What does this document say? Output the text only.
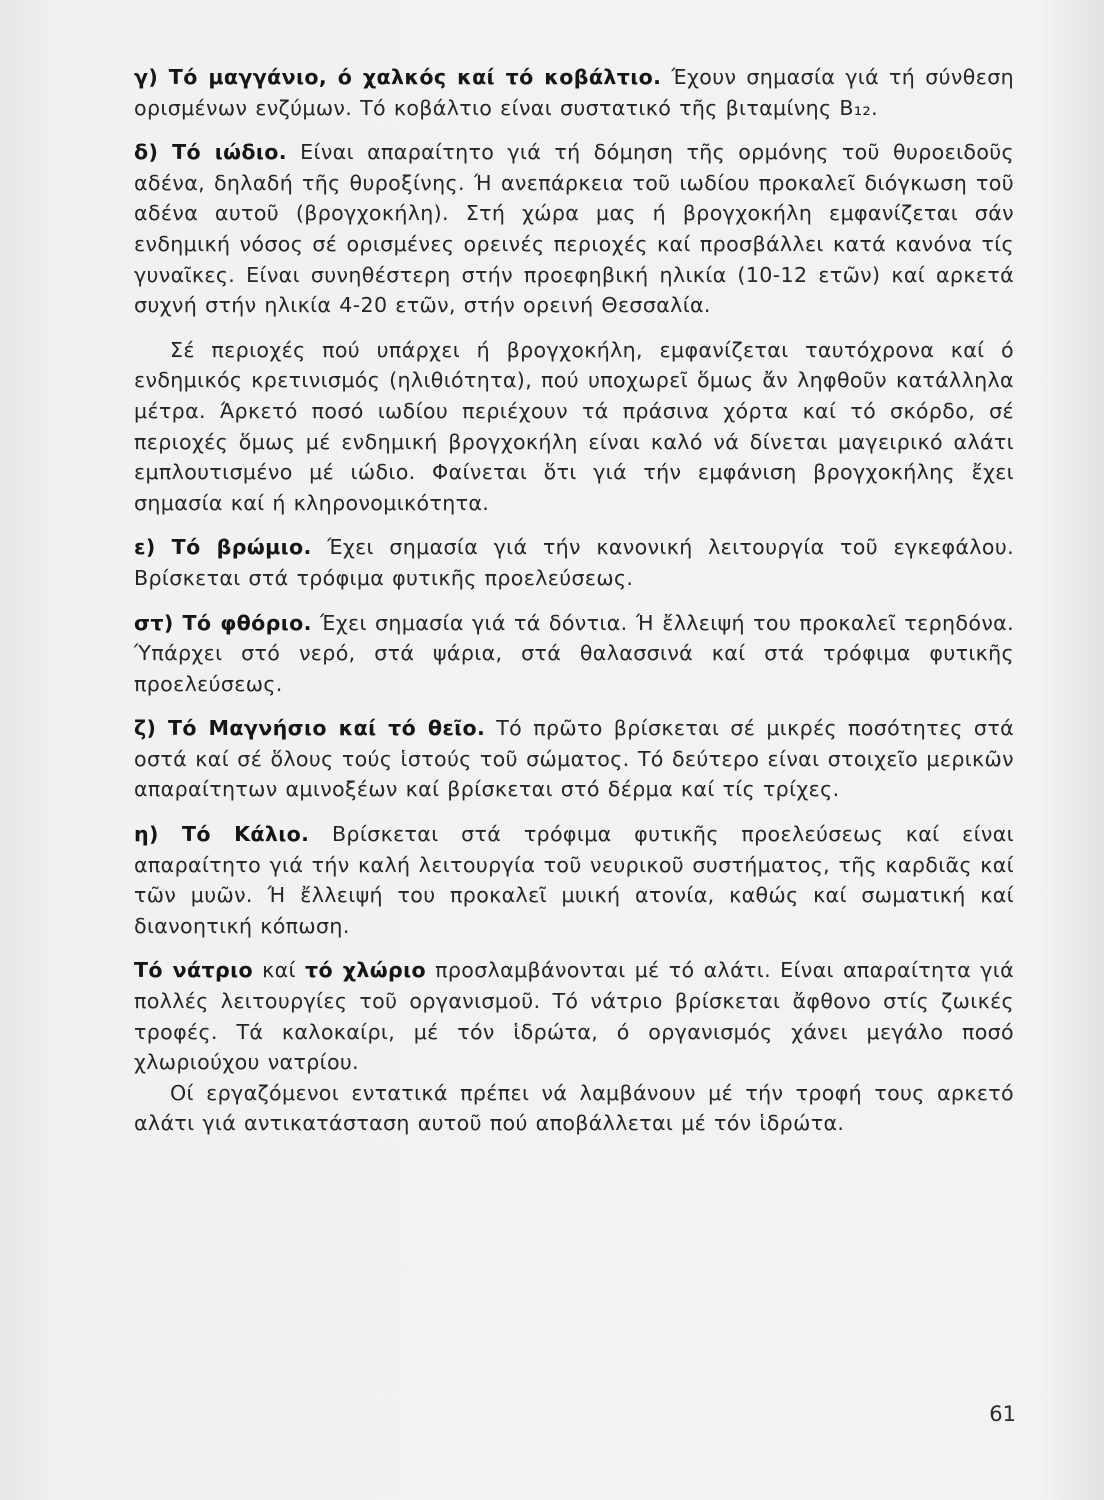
γ) Τό μαγγάνιο, ό χαλκός καί τό κοβάλτιο. Έχουν σημασία γιά τή σύνθεση ορισμένων ενζύμων. Τό κοβάλτιο είναι συστατικό τῆς βιταμίνης B₁₂.

δ) Τό ιώδιο. Είναι απαραίτητο γιά τή δόμηση τῆς ορμόνης τοῦ θυροειδοῦς αδένα, δηλαδή τῆς θυροξίνης. Ή ανεπάρκεια τοῦ ιωδίου προκαλεῖ διόγκωση τοῦ αδένα αυτοῦ (βρογχοκήλη). Στή χώρα μας ή βρογχοκήλη εμφανίζεται σάν ενδημική νόσος σέ ορισμένες ορεινές περιοχές καί προσβάλλει κατά κανόνα τίς γυναῖκες. Είναι συνηθέστερη στήν προεφηβική ηλικία (10-12 ετῶν) καί αρκετά συχνή στήν ηλικία 4-20 ετῶν, στήν ορεινή Θεσσαλία.

Σέ περιοχές πού υπάρχει ή βρογχοκήλη, εμφανίζεται ταυτόχρονα καί ό ενδημικός κρετινισμός (ηλιθιότητα), πού υποχωρεῖ ὅμως ἄν ληφθοῦν κατάλληλα μέτρα. Άρκετό ποσό ιωδίου περιέχουν τά πράσινα χόρτα καί τό σκόρδο, σέ περιοχές ὅμως μέ ενδημική βρογχοκήλη είναι καλό νά δίνεται μαγειρικό αλάτι εμπλουτισμένο μέ ιώδιο. Φαίνεται ὅτι γιά τήν εμφάνιση βρογχοκήλης ἔχει σημασία καί ή κληρονομικότητα.

ε) Τό βρώμιο. Έχει σημασία γιά τήν κανονική λειτουργία τοῦ εγκεφάλου. Βρίσκεται στά τρόφιμα φυτικῆς προελεύσεως.

στ) Τό φθόριο. Έχει σημασία γιά τά δόντια. Ή ἔλλειψή του προκαλεῖ τερηδόνα. Ύπάρχει στό νερό, στά ψάρια, στά θαλασσινά καί στά τρόφιμα φυτικῆς προελεύσεως.

ζ) Τό Μαγνήσιο καί τό θεῖο. Τό πρῶτο βρίσκεται σέ μικρές ποσότητες στά οστά καί σέ ὅλους τούς ἱστούς τοῦ σώματος. Τό δεύτερο είναι στοιχεῖο μερικῶν απαραίτητων αμινοξέων καί βρίσκεται στό δέρμα καί τίς τρίχες.

η) Τό Κάλιο. Βρίσκεται στά τρόφιμα φυτικῆς προελεύσεως καί είναι απαραίτητο γιά τήν καλή λειτουργία τοῦ νευρικοῦ συστήματος, τῆς καρδιᾶς καί τῶν μυῶν. Ή ἔλλειψή του προκαλεῖ μυική ατονία, καθώς καί σωματική καί διανοητική κόπωση.

Τό νάτριο καί τό χλώριο προσλαμβάνονται μέ τό αλάτι. Είναι απαραίτητα γιά πολλές λειτουργίες τοῦ οργανισμοῦ. Τό νάτριο βρίσκεται ἄφθονο στίς ζωικές τροφές. Τά καλοκαίρι, μέ τόν ἱδρώτα, ό οργανισμός χάνει μεγάλο ποσό χλωριούχου νατρίου.

Οί εργαζόμενοι εντατικά πρέπει νά λαμβάνουν μέ τήν τροφή τους αρκετό αλάτι γιά αντικατάσταση αυτοῦ πού αποβάλλεται μέ τόν ἱδρώτα.

61
